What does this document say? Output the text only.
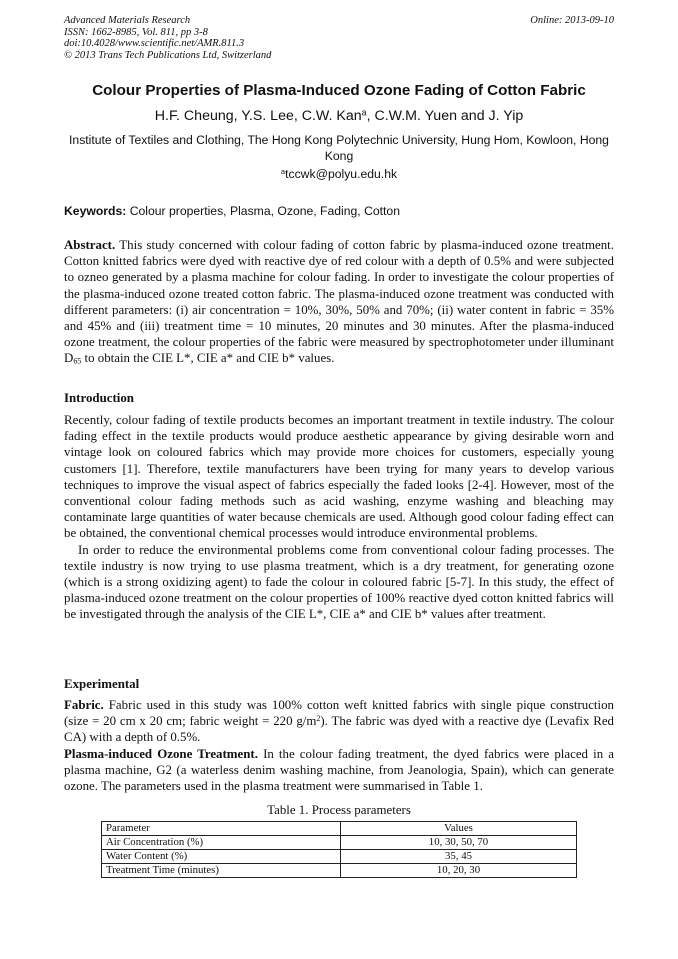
Advanced Materials Research
ISSN: 1662-8985, Vol. 811, pp 3-8
doi:10.4028/www.scientific.net/AMR.811.3
© 2013 Trans Tech Publications Ltd, Switzerland
Online: 2013-09-10
Colour Properties of Plasma-Induced Ozone Fading of Cotton Fabric
H.F. Cheung, Y.S. Lee, C.W. Kan$^a$, C.W.M. Yuen and J. Yip
Institute of Textiles and Clothing, The Hong Kong Polytechnic University, Hung Hom, Kowloon, Hong Kong
$^a$tccwk@polyu.edu.hk
Keywords: Colour properties, Plasma, Ozone, Fading, Cotton

Abstract. This study concerned with colour fading of cotton fabric by plasma-induced ozone treatment. Cotton knitted fabrics were dyed with reactive dye of red colour with a depth of 0.5% and were subjected to ozneo generated by a plasma machine for colour fading. In order to investigate the colour properties of the plasma-induced ozone treated cotton fabric. The plasma-induced ozone treatment was conducted with different parameters: (i) air concentration = 10%, 30%, 50% and 70%; (ii) water content in fabric = 35% and 45% and (iii) treatment time = 10 minutes, 20 minutes and 30 minutes. After the plasma-induced ozone treatment, the colour properties of the fabric were measured by spectrophotometer under illuminant $D_{65}$ to obtain the CIE L*, CIE a* and CIE b* values.

Introduction

Recently, colour fading of textile products becomes an important treatment in textile industry. The colour fading effect in the textile products would produce aesthetic appearance by giving desirable worn and vintage look on coloured fabrics which may provide more choices for customers, especially young customers [1]. Therefore, textile manufacturers have been trying for many years to develop various techniques to improve the visual aspect of fabrics especially the faded looks [2-4]. However, most of the conventional colour fading methods such as acid washing, enzyme washing and bleaching may contaminate large quantities of water because chemicals are used. Although good colour fading effect can be obtained, the conventional chemical processes would introduce environmental problems.

In order to reduce the environmental problems come from conventional colour fading processes. The textile industry is now trying to use plasma treatment, which is a dry treatment, for generating ozone (which is a strong oxidizing agent) to fade the colour in coloured fabric [5-7]. In this study, the effect of plasma-induced ozone treatment on the colour properties of 100% reactive dyed cotton knitted fabrics will be investigated through the analysis of the CIE L*, CIE a* and CIE b* values after treatment.

Experimental

Fabric. Fabric used in this study was 100% cotton weft knitted fabrics with single pique construction (size = 20 cm x 20 cm; fabric weight = 220 $g/m^2$). The fabric was dyed with a reactive dye (Levafix Red CA) with a depth of 0.5%.

Plasma-induced Ozone Treatment. In the colour fading treatment, the dyed fabrics were placed in a plasma machine, G2 (a waterless denim washing machine, from Jeanologia, Spain), which can generate ozone. The parameters used in the plasma treatment were summarised in Table 1.

Table 1. Process parameters
Parameter	Values
Air Concentration (%)	10, 30, 50, 70
Water Content (%)	35, 45
Treatment Time (minutes)	10, 20, 30
